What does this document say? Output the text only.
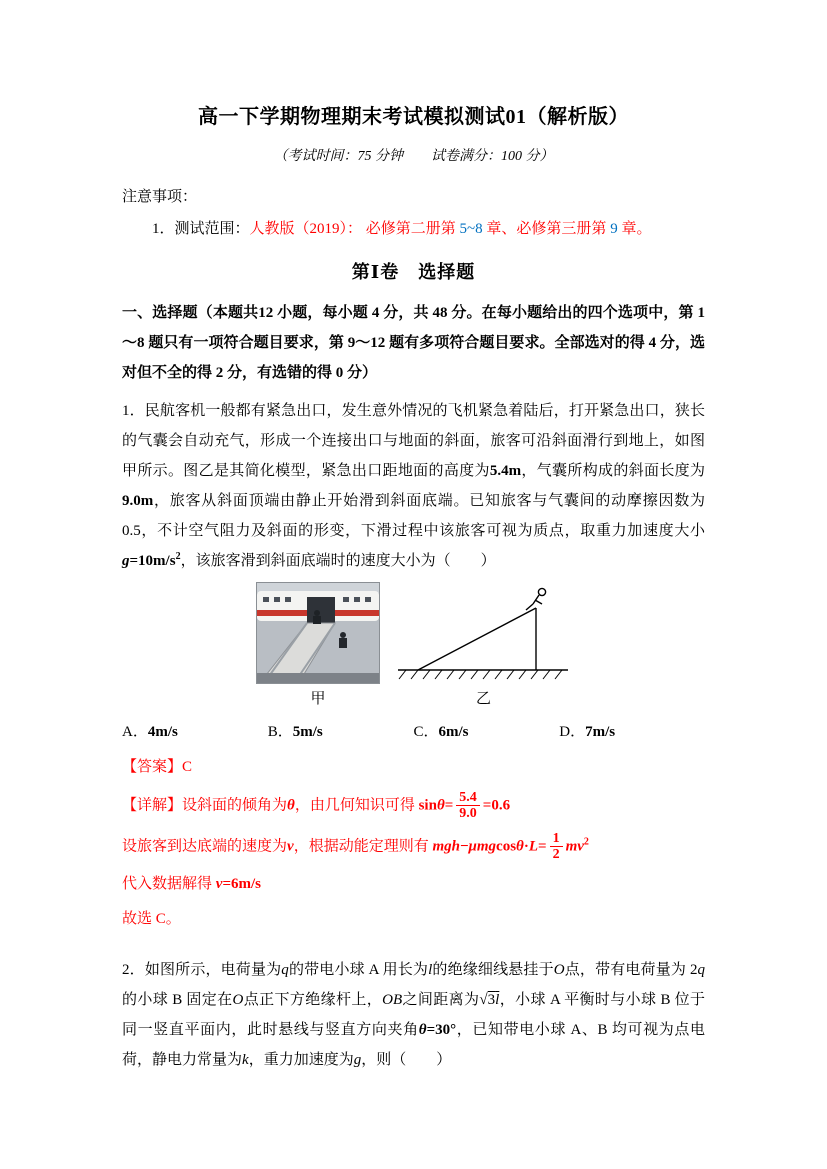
高一下学期物理期末考试模拟测试01（解析版）
（考试时间：75 分钟　　试卷满分：100 分）
注意事项：
1．测试范围：人教版（2019）： 必修第二册第 5~8 章、必修第三册第 9 章。
第Ⅰ卷　选择题
一、选择题（本题共12 小题，每小题 4 分，共 48 分。在每小题给出的四个选项中，第 1～8 题只有一项符合题目要求，第 9～12 题有多项符合题目要求。全部选对的得 4 分，选对但不全的得 2 分，有选错的得 0 分）
1．民航客机一般都有紧急出口，发生意外情况的飞机紧急着陆后，打开紧急出口，狭长的气囊会自动充气，形成一个连接出口与地面的斜面，旅客可沿斜面滑行到地上，如图甲所示。图乙是其简化模型，紧急出口距地面的高度为5.4m，气囊所构成的斜面长度为9.0m，旅客从斜面顶端由静止开始滑到斜面底端。已知旅客与气囊间的动摩擦因数为 0.5，不计空气阻力及斜面的形变，下滑过程中该旅客可视为质点，取重力加速度大小$g=10m/s^2$，该旅客滑到斜面底端时的速度大小为（　　）
甲	乙
A．4m/s	B．5m/s	C．6m/s	D．7m/s
【答案】C
【详解】设斜面的倾角为θ，由几何知识可得 $\sin\theta= \frac{5.4}{9.0} =0.6$
设旅客到达底端的速度为v，根据动能定理则有 $mgh-\mu mgcos\theta\cdot L= \frac{1}{2} mv^2$
代入数据解得 v=6m/s
故选 C。
2．如图所示，电荷量为q的带电小球 A 用长为l的绝缘细线悬挂于O点，带有电荷量为 2q的小球 B 固定在O点正下方绝缘杆上，OB之间距离为$√3\overline{l}$，小球 A 平衡时与小球 B 位于同一竖直平面内，此时悬线与竖直方向夹角θ=30°，已知带电小球 A、B 均可视为点电荷，静电力常量为k，重力加速度为g，则（　　）
